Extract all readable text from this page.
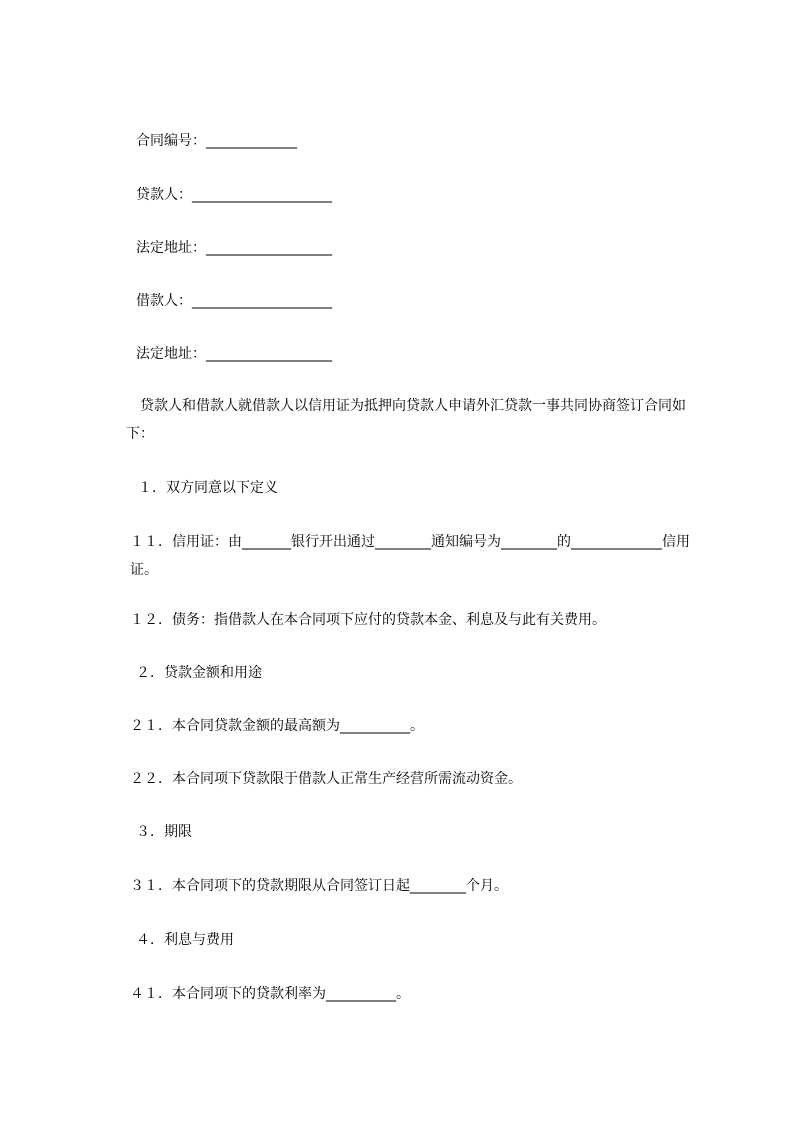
合同编号：_____________
贷款人：____________________
法定地址：__________________
借款人：____________________
法定地址：__________________
　贷款人和借款人就借款人以信用证为抵押向贷款人申请外汇贷款一事共同协商签订合同如下：
１．双方同意以下定义
１１．信用证：由_______银行开出通过________通知编号为________的_____________信用证。
１２．债务：指借款人在本合同项下应付的贷款本金、利息及与此有关费用。
２．贷款金额和用途
２１．本合同贷款金额的最高额为__________。
２２．本合同项下贷款限于借款人正常生产经营所需流动资金。
３．期限
３１．本合同项下的贷款期限从合同签订日起________个月。
４．利息与费用
４１．本合同项下的贷款利率为__________。
